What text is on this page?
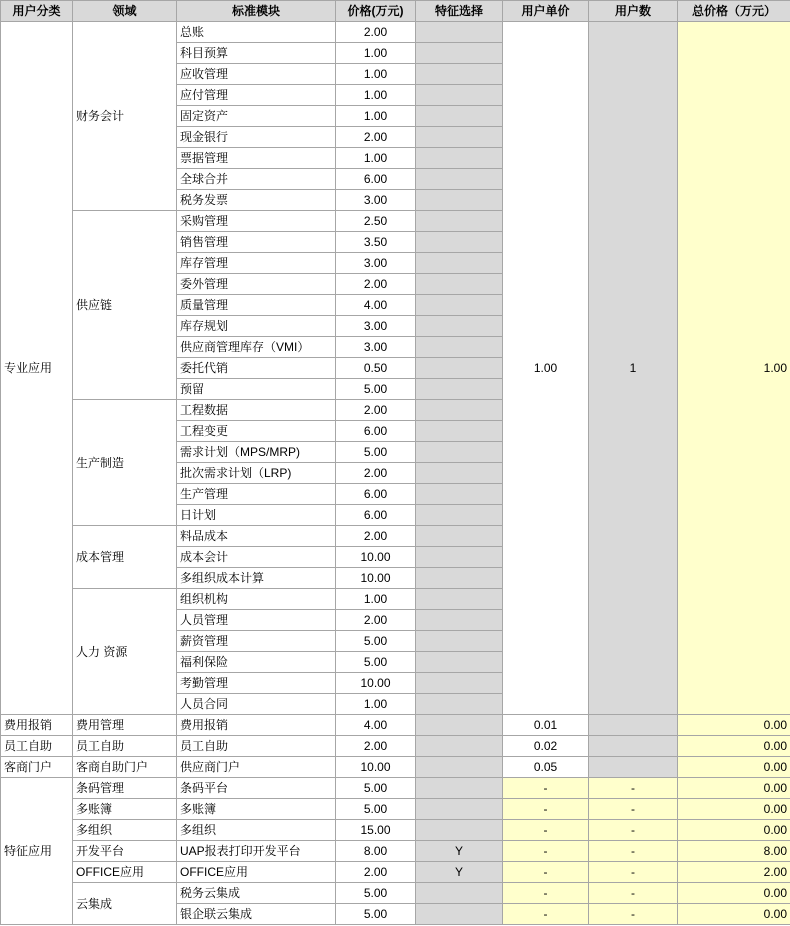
用户分类	领域	标准模块	价格(万元)	特征选择	用户单价	用户数	总价格（万元）
专业应用	财务会计	总账	2.00		1.00	1	1.00
		科目预算	1.00				
		应收管理	1.00				
		应付管理	1.00				
		固定资产	1.00				
		现金银行	2.00				
		票据管理	1.00				
		全球合并	6.00				
		税务发票	3.00				
	供应链	采购管理	2.50				
		销售管理	3.50				
		库存管理	3.00				
		委外管理	2.00				
		质量管理	4.00				
		库存规划	3.00				
		供应商管理库存（VMI）	3.00				
		委托代销	0.50				
		预留	5.00				
	生产制造	工程数据	2.00				
		工程变更	6.00				
		需求计划（MPS/MRP)	5.00				
		批次需求计划（LRP)	2.00				
		生产管理	6.00				
		日计划	6.00				
	成本管理	料品成本	2.00				
		成本会计	10.00				
		多组织成本计算	10.00				
	人力 资源	组织机构	1.00				
		人员管理	2.00				
		薪资管理	5.00				
		福利保险	5.00				
		考勤管理	10.00				
		人员合同	1.00				
费用报销	费用管理	费用报销	4.00		0.01		0.00
员工自助	员工自助	员工自助	2.00		0.02		0.00
客商门户	客商自助门户	供应商门户	10.00		0.05		0.00
特征应用	条码管理	条码平台	5.00		-	-	0.00
	多账簿	多账簿	5.00		-	-	0.00
	多组织	多组织	15.00		-	-	0.00
	开发平台	UAP报表打印开发平台	8.00	Y	-	-	8.00
	OFFICE应用	OFFICE应用	2.00	Y	-	-	2.00
	云集成	税务云集成	5.00		-	-	0.00
		银企联云集成	5.00		-	-	0.00
